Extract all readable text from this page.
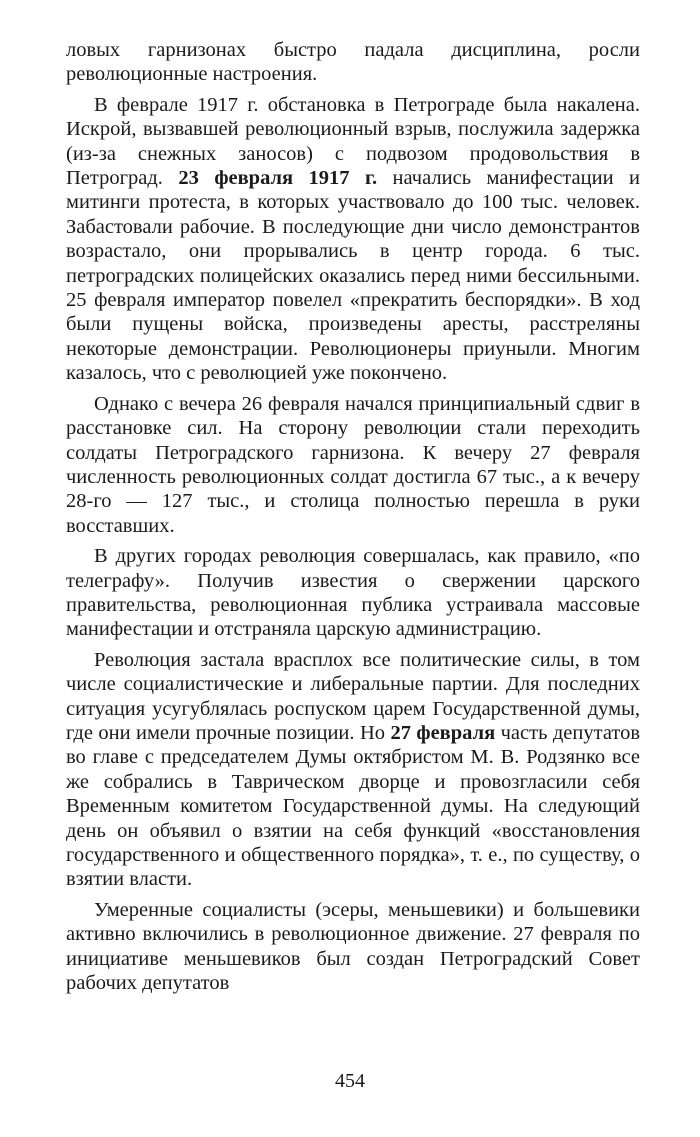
ловых гарнизонах быстро падала дисциплина, росли революционные настроения.

В феврале 1917 г. обстановка в Петрограде была накалена. Искрой, вызвавшей революционный взрыв, послужила задержка (из-за снежных заносов) с подвозом продовольствия в Петроград. 23 февраля 1917 г. начались манифестации и митинги протеста, в которых участвовало до 100 тыс. человек. Забастовали рабочие. В последующие дни число демонстрантов возрастало, они прорывались в центр города. 6 тыс. петроградских полицейских оказались перед ними бессильными. 25 февраля император повелел «прекратить беспорядки». В ход были пущены войска, произведены аресты, расстреляны некоторые демонстрации. Революционеры приуныли. Многим казалось, что с революцией уже покончено.

Однако с вечера 26 февраля начался принципиальный сдвиг в расстановке сил. На сторону революции стали переходить солдаты Петроградского гарнизона. К вечеру 27 февраля численность революционных солдат достигла 67 тыс., а к вечеру 28-го — 127 тыс., и столица полностью перешла в руки восставших.

В других городах революция совершалась, как правило, «по телеграфу». Получив известия о свержении царского правительства, революционная публика устраивала массовые манифестации и отстраняла царскую администрацию.

Революция застала врасплох все политические силы, в том числе социалистические и либеральные партии. Для последних ситуация усугублялась роспуском царем Государственной думы, где они имели прочные позиции. Но 27 февраля часть депутатов во главе с председателем Думы октябристом М. В. Родзянко все же собрались в Таврическом дворце и провозгласили себя Временным комитетом Государственной думы. На следующий день он объявил о взятии на себя функций «восстановления государственного и общественного порядка», т. е., по существу, о взятии власти.

Умеренные социалисты (эсеры, меньшевики) и большевики активно включились в революционное движение. 27 февраля по инициативе меньшевиков был создан Петроградский Совет рабочих депутатов

454
